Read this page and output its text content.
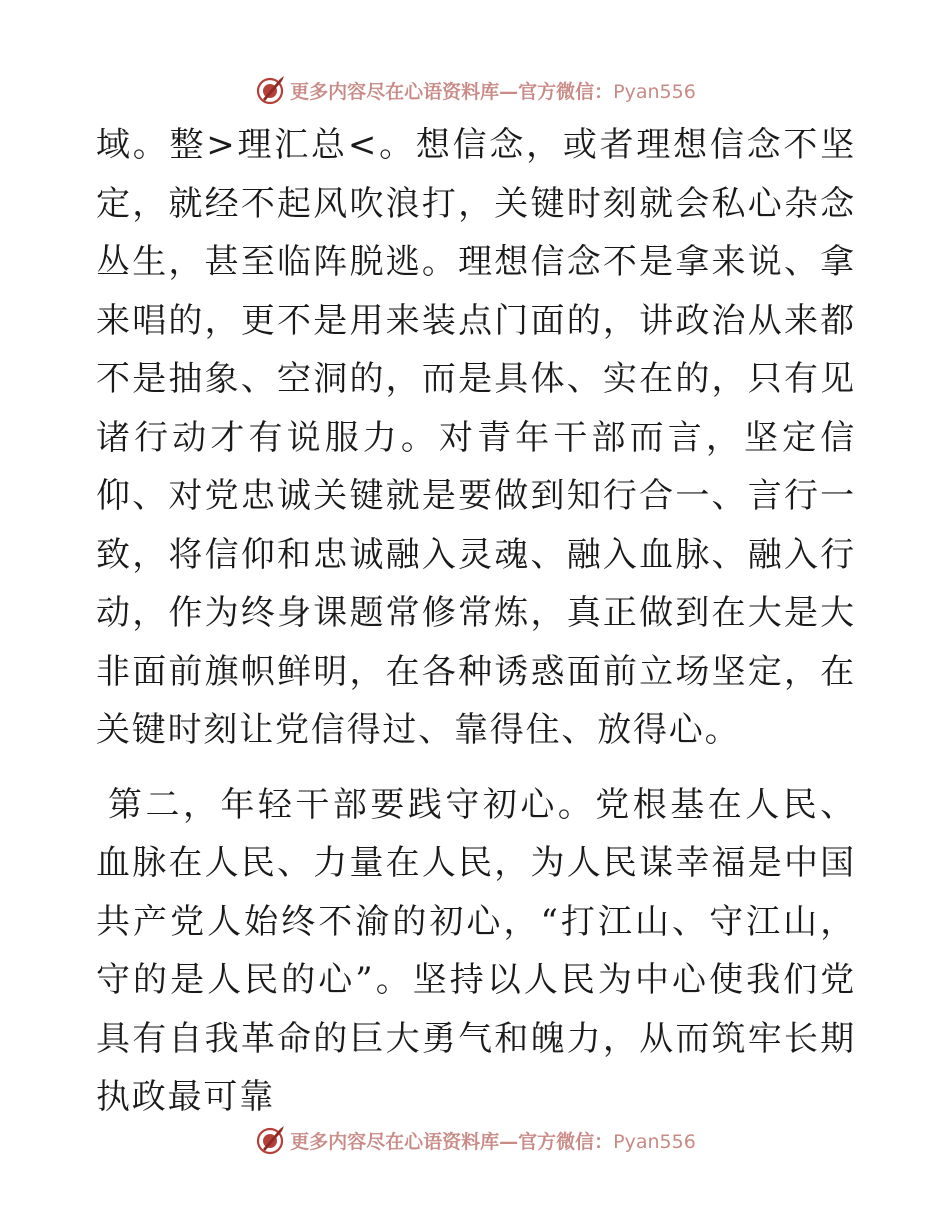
更多内容尽在心语资料库—官方微信：Pyan556

域。整>理汇总<。想信念，或者理想信念不坚定，就经不起风吹浪打，关键时刻就会私心杂念丛生，甚至临阵脱逃。理想信念不是拿来说、拿来唱的，更不是用来装点门面的，讲政治从来都不是抽象、空洞的，而是具体、实在的，只有见诸行动才有说服力。对青年干部而言，坚定信仰、对党忠诚关键就是要做到知行合一、言行一致，将信仰和忠诚融入灵魂、融入血脉、融入行动，作为终身课题常修常炼，真正做到在大是大非面前旗帜鲜明，在各种诱惑面前立场坚定，在关键时刻让党信得过、靠得住、放得心。

第二，年轻干部要践守初心。党根基在人民、血脉在人民、力量在人民，为人民谋幸福是中国共产党人始终不渝的初心，“打江山、守江山，守的是人民的心”。坚持以人民为中心使我们党具有自我革命的巨大勇气和魄力，从而筑牢长期执政最可靠

更多内容尽在心语资料库—官方微信：Pyan556
